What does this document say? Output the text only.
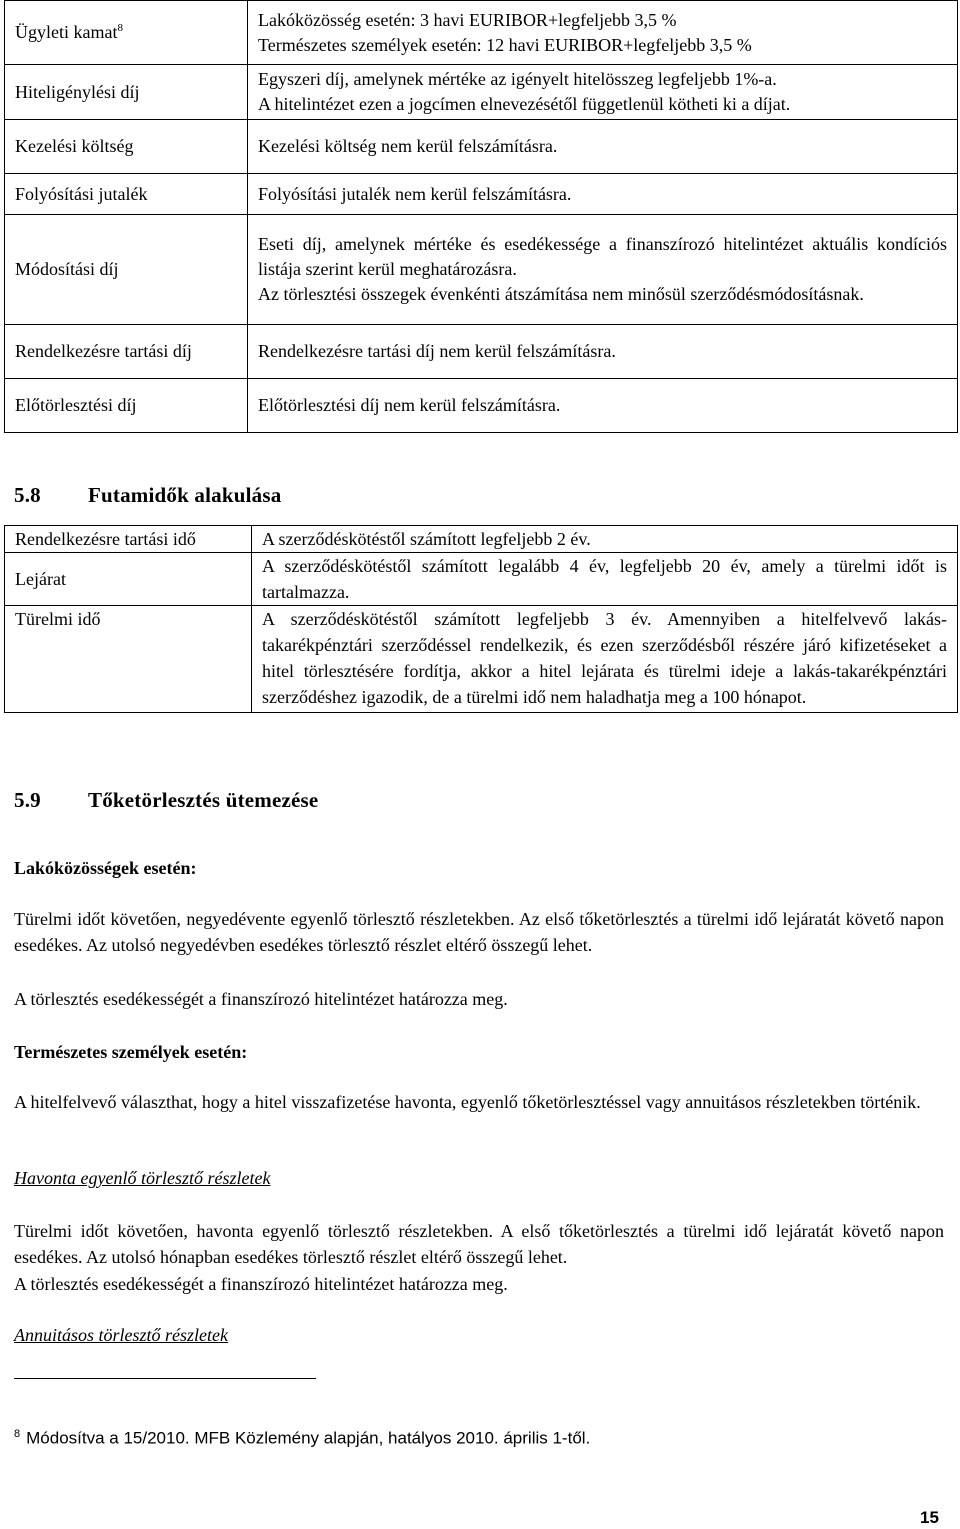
Ügyleti kamat$^8$	Lakóközösség esetén: 3 havi EURIBOR+legfeljebb 3,5 %
Természetes személyek esetén: 12 havi EURIBOR+legfeljebb 3,5 %

Hiteligénylési díj	Egyszeri díj, amelynek mértéke az igényelt hitelösszeg legfeljebb 1%-a.
A hitelintézet ezen a jogcímen elnevezésétől függetlenül kötheti ki a díjat.

Kezelési költség	Kezelési költség nem kerül felszámításra.
Folyósítási jutalék	Folyósítási jutalék nem kerül felszámításra.
Módosítási díj	Eseti díj, amelynek mértéke és esedékessége a finanszírozó hitelintézet aktuális kondíciós listája szerint kerül meghatározásra.
Az törlesztési összegek évenkénti átszámítása nem minősül szerződésmódosításnak.

Rendelkezésre tartási díj	Rendelkezésre tartási díj nem kerül felszámításra.
Előtörlesztési díj	Előtörlesztési díj nem kerül felszámításra.
5.8 Futamidők alakulása
Rendelkezésre tartási idő	A szerződéskötéstől számított legfeljebb 2 év.
Lejárat	A szerződéskötéstől számított legalább 4 év, legfeljebb 20 év, amely a türelmi időt is tartalmazza.
Türelmi idő	A szerződéskötéstől számított legfeljebb 3 év. Amennyiben a hitelfelvevő lakás-takarékpénztári szerződéssel rendelkezik, és ezen szerződésből részére járó kifizetéseket a hitel törlesztésére fordítja, akkor a hitel lejárata és türelmi ideje a lakás-takarékpénztári szerződéshez igazodik, de a türelmi idő nem haladhatja meg a 100 hónapot.
5.9 Tőketörlesztés ütemezése
Lakóközösségek esetén:

Türelmi időt követően, negyedévente egyenlő törlesztő részletekben. Az első tőketörlesztés a türelmi idő lejáratát követő napon esedékes. Az utolsó negyedévben esedékes törlesztő részlet eltérő összegű lehet.

A törlesztés esedékességét a finanszírozó hitelintézet határozza meg.

Természetes személyek esetén:

A hitelfelvevő választhat, hogy a hitel visszafizetése havonta, egyenlő tőketörlesztéssel vagy annuitásos részletekben történik.

Havonta egyenlő törlesztő részletek

Türelmi időt követően, havonta egyenlő törlesztő részletekben. A első tőketörlesztés a türelmi idő lejáratát követő napon esedékes. Az utolsó hónapban esedékes törlesztő részlet eltérő összegű lehet.

A törlesztés esedékességét a finanszírozó hitelintézet határozza meg.

Annuitásos törlesztő részletek
$^8$ Módosítva a 15/2010. MFB Közlemény alapján, hatályos 2010. április 1-től.
15
